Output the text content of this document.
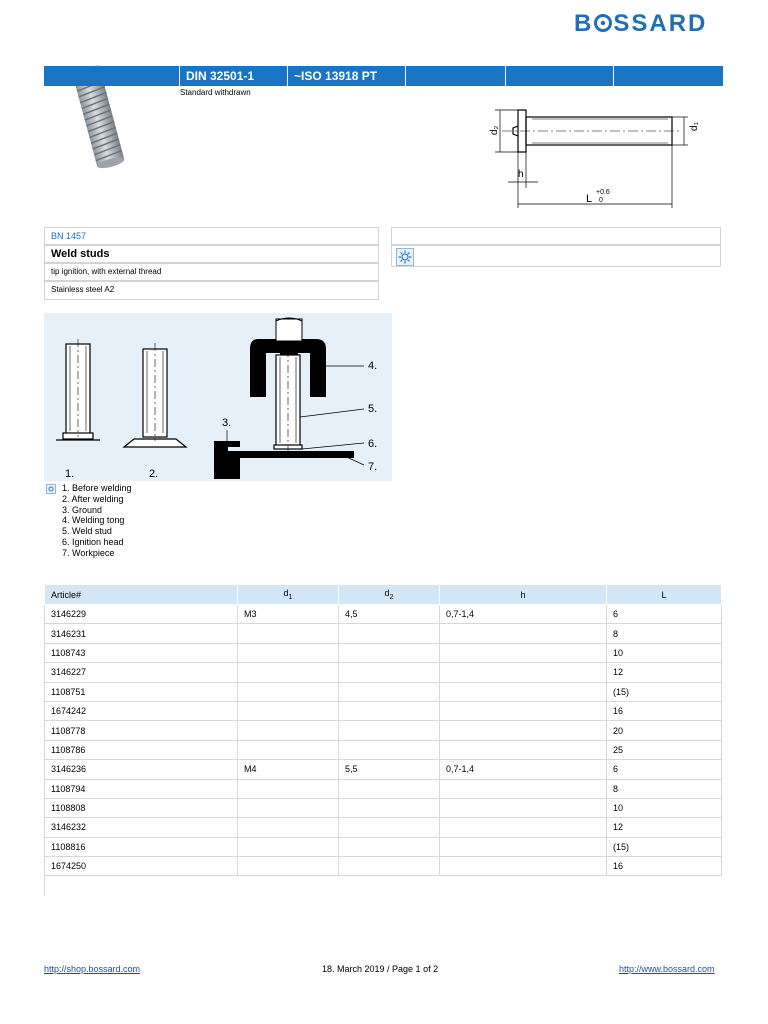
B SSARD
DIN 32501-1	~ISO 13918 PT
Standard withdrawn
d₂	d₁
h
L
+0.6
0
BN 1457
Weld studs
tip ignition, with external thread
Stainless steel A2
1.	2.
3.
4.
5.
6.
7.
1. Before welding
2. After welding
3. Ground
4. Welding tong
5. Weld stud
6. Ignition head
7. Workpiece
Article#	$d_1$	$d_2$	h	L
3146229	M3	4,5	0,7-1,4	6
3146231				8
1108743				10
3146227				12
1108751				(15)
1674242				16
1108778				20
1108786				25
3146236	M4	5,5	0,7-1,4	6
1108794				8
1108808				10
3146232				12
1108816				(15)
1674250				16

http://shop.bossard.com	18. March 2019 / Page 1 of 2	http://www.bossard.com
